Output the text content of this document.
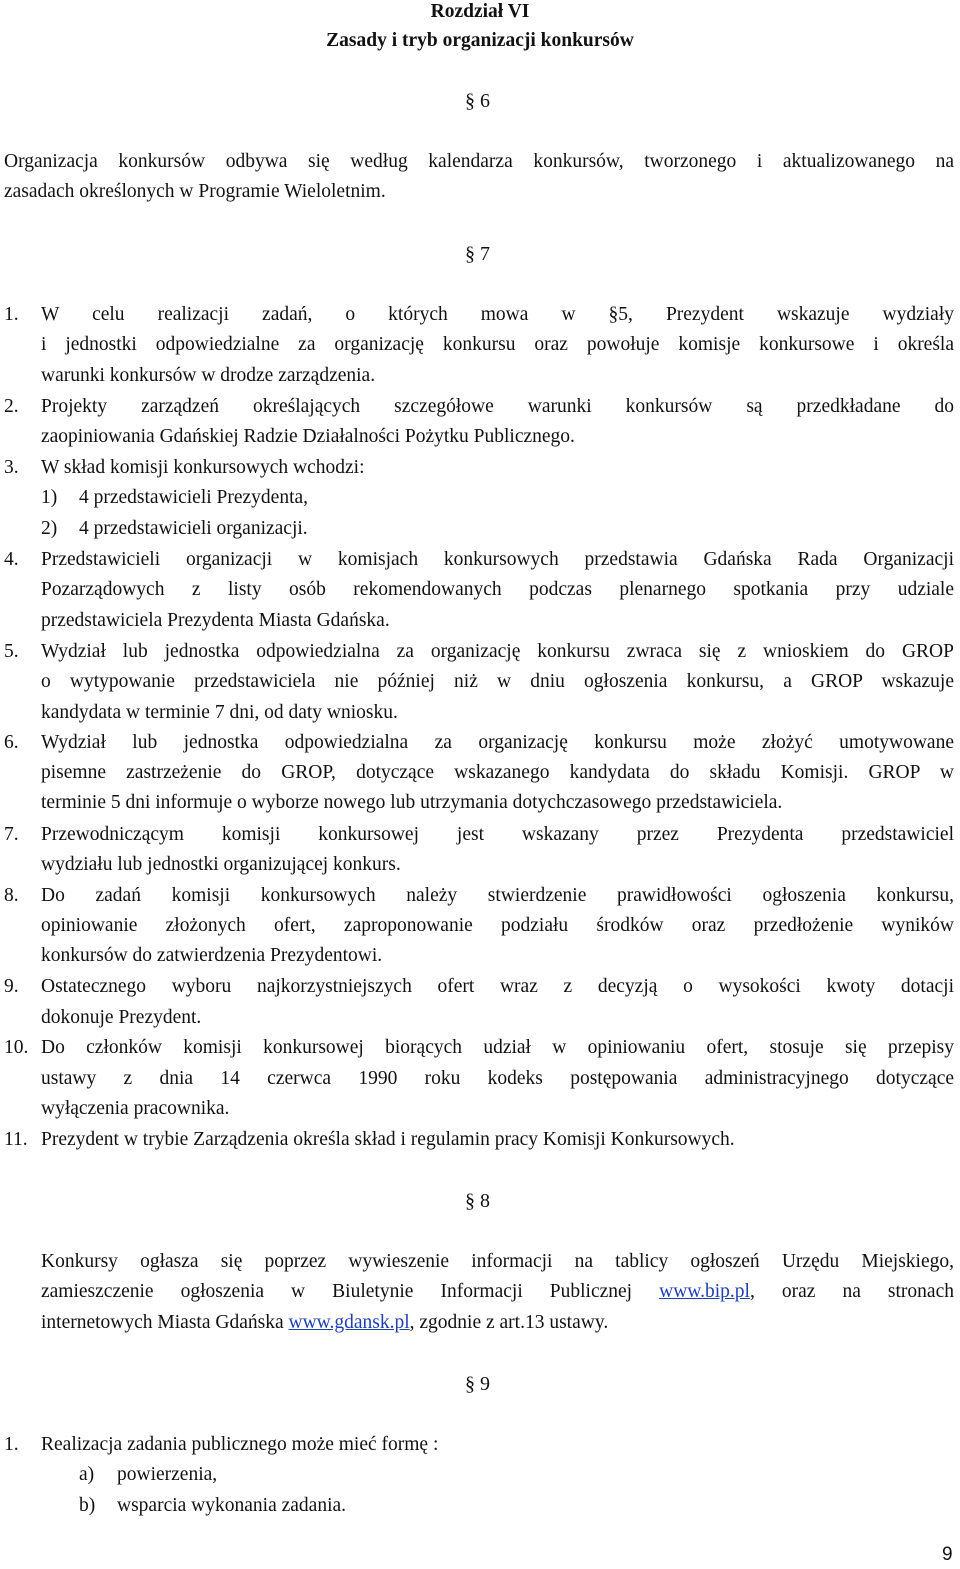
Rozdział VI
Zasady i tryb organizacji konkursów
§ 6
Organizacja konkursów odbywa się według kalendarza konkursów, tworzonego i aktualizowanego na
zasadach określonych w Programie Wieloletnim.
§ 7
1. W celu realizacji zadań, o których mowa w §5, Prezydent wskazuje wydziały
i jednostki odpowiedzialne za organizację konkursu oraz powołuje komisje konkursowe i określa
warunki konkursów w drodze zarządzenia.
2. Projekty zarządzeń określających szczegółowe warunki konkursów są przedkładane do
zaopiniowania Gdańskiej Radzie Działalności Pożytku Publicznego.
3. W skład komisji konkursowych wchodzi:
1) 4 przedstawicieli Prezydenta,
2) 4 przedstawicieli organizacji.
4. Przedstawicieli organizacji w komisjach konkursowych przedstawia Gdańska Rada Organizacji
Pozarządowych z listy osób rekomendowanych podczas plenarnego spotkania przy udziale
przedstawiciela Prezydenta Miasta Gdańska.
5. Wydział lub jednostka odpowiedzialna za organizację konkursu zwraca się z wnioskiem do GROP
o wytypowanie przedstawiciela nie później niż w dniu ogłoszenia konkursu, a GROP wskazuje
kandydata w terminie 7 dni, od daty wniosku.
6. Wydział lub jednostka odpowiedzialna za organizację konkursu może złożyć umotywowane
pisemne zastrzeżenie do GROP, dotyczące wskazanego kandydata do składu Komisji. GROP w
terminie 5 dni informuje o wyborze nowego lub utrzymania dotychczasowego przedstawiciela.
7. Przewodniczącym komisji konkursowej jest wskazany przez Prezydenta przedstawiciel
wydziału lub jednostki organizującej konkurs.
8. Do zadań komisji konkursowych należy stwierdzenie prawidłowości ogłoszenia konkursu,
opiniowanie złożonych ofert, zaproponowanie podziału środków oraz przedłożenie wyników
konkursów do zatwierdzenia Prezydentowi.
9. Ostatecznego wyboru najkorzystniejszych ofert wraz z decyzją o wysokości kwoty dotacji
dokonuje Prezydent.
10. Do członków komisji konkursowej biorących udział w opiniowaniu ofert, stosuje się przepisy
ustawy z dnia 14 czerwca 1990 roku kodeks postępowania administracyjnego dotyczące
wyłączenia pracownika.
11. Prezydent w trybie Zarządzenia określa skład i regulamin pracy Komisji Konkursowych.
§ 8
Konkursy ogłasza się poprzez wywieszenie informacji na tablicy ogłoszeń Urzędu Miejskiego,
zamieszczenie ogłoszenia w Biuletynie Informacji Publicznej www.bip.pl, oraz na stronach
internetowych Miasta Gdańska www.gdansk.pl, zgodnie z art.13 ustawy.
§ 9
1. Realizacja zadania publicznego może mieć formę :
a) powierzenia,
b) wsparcia wykonania zadania.
9
